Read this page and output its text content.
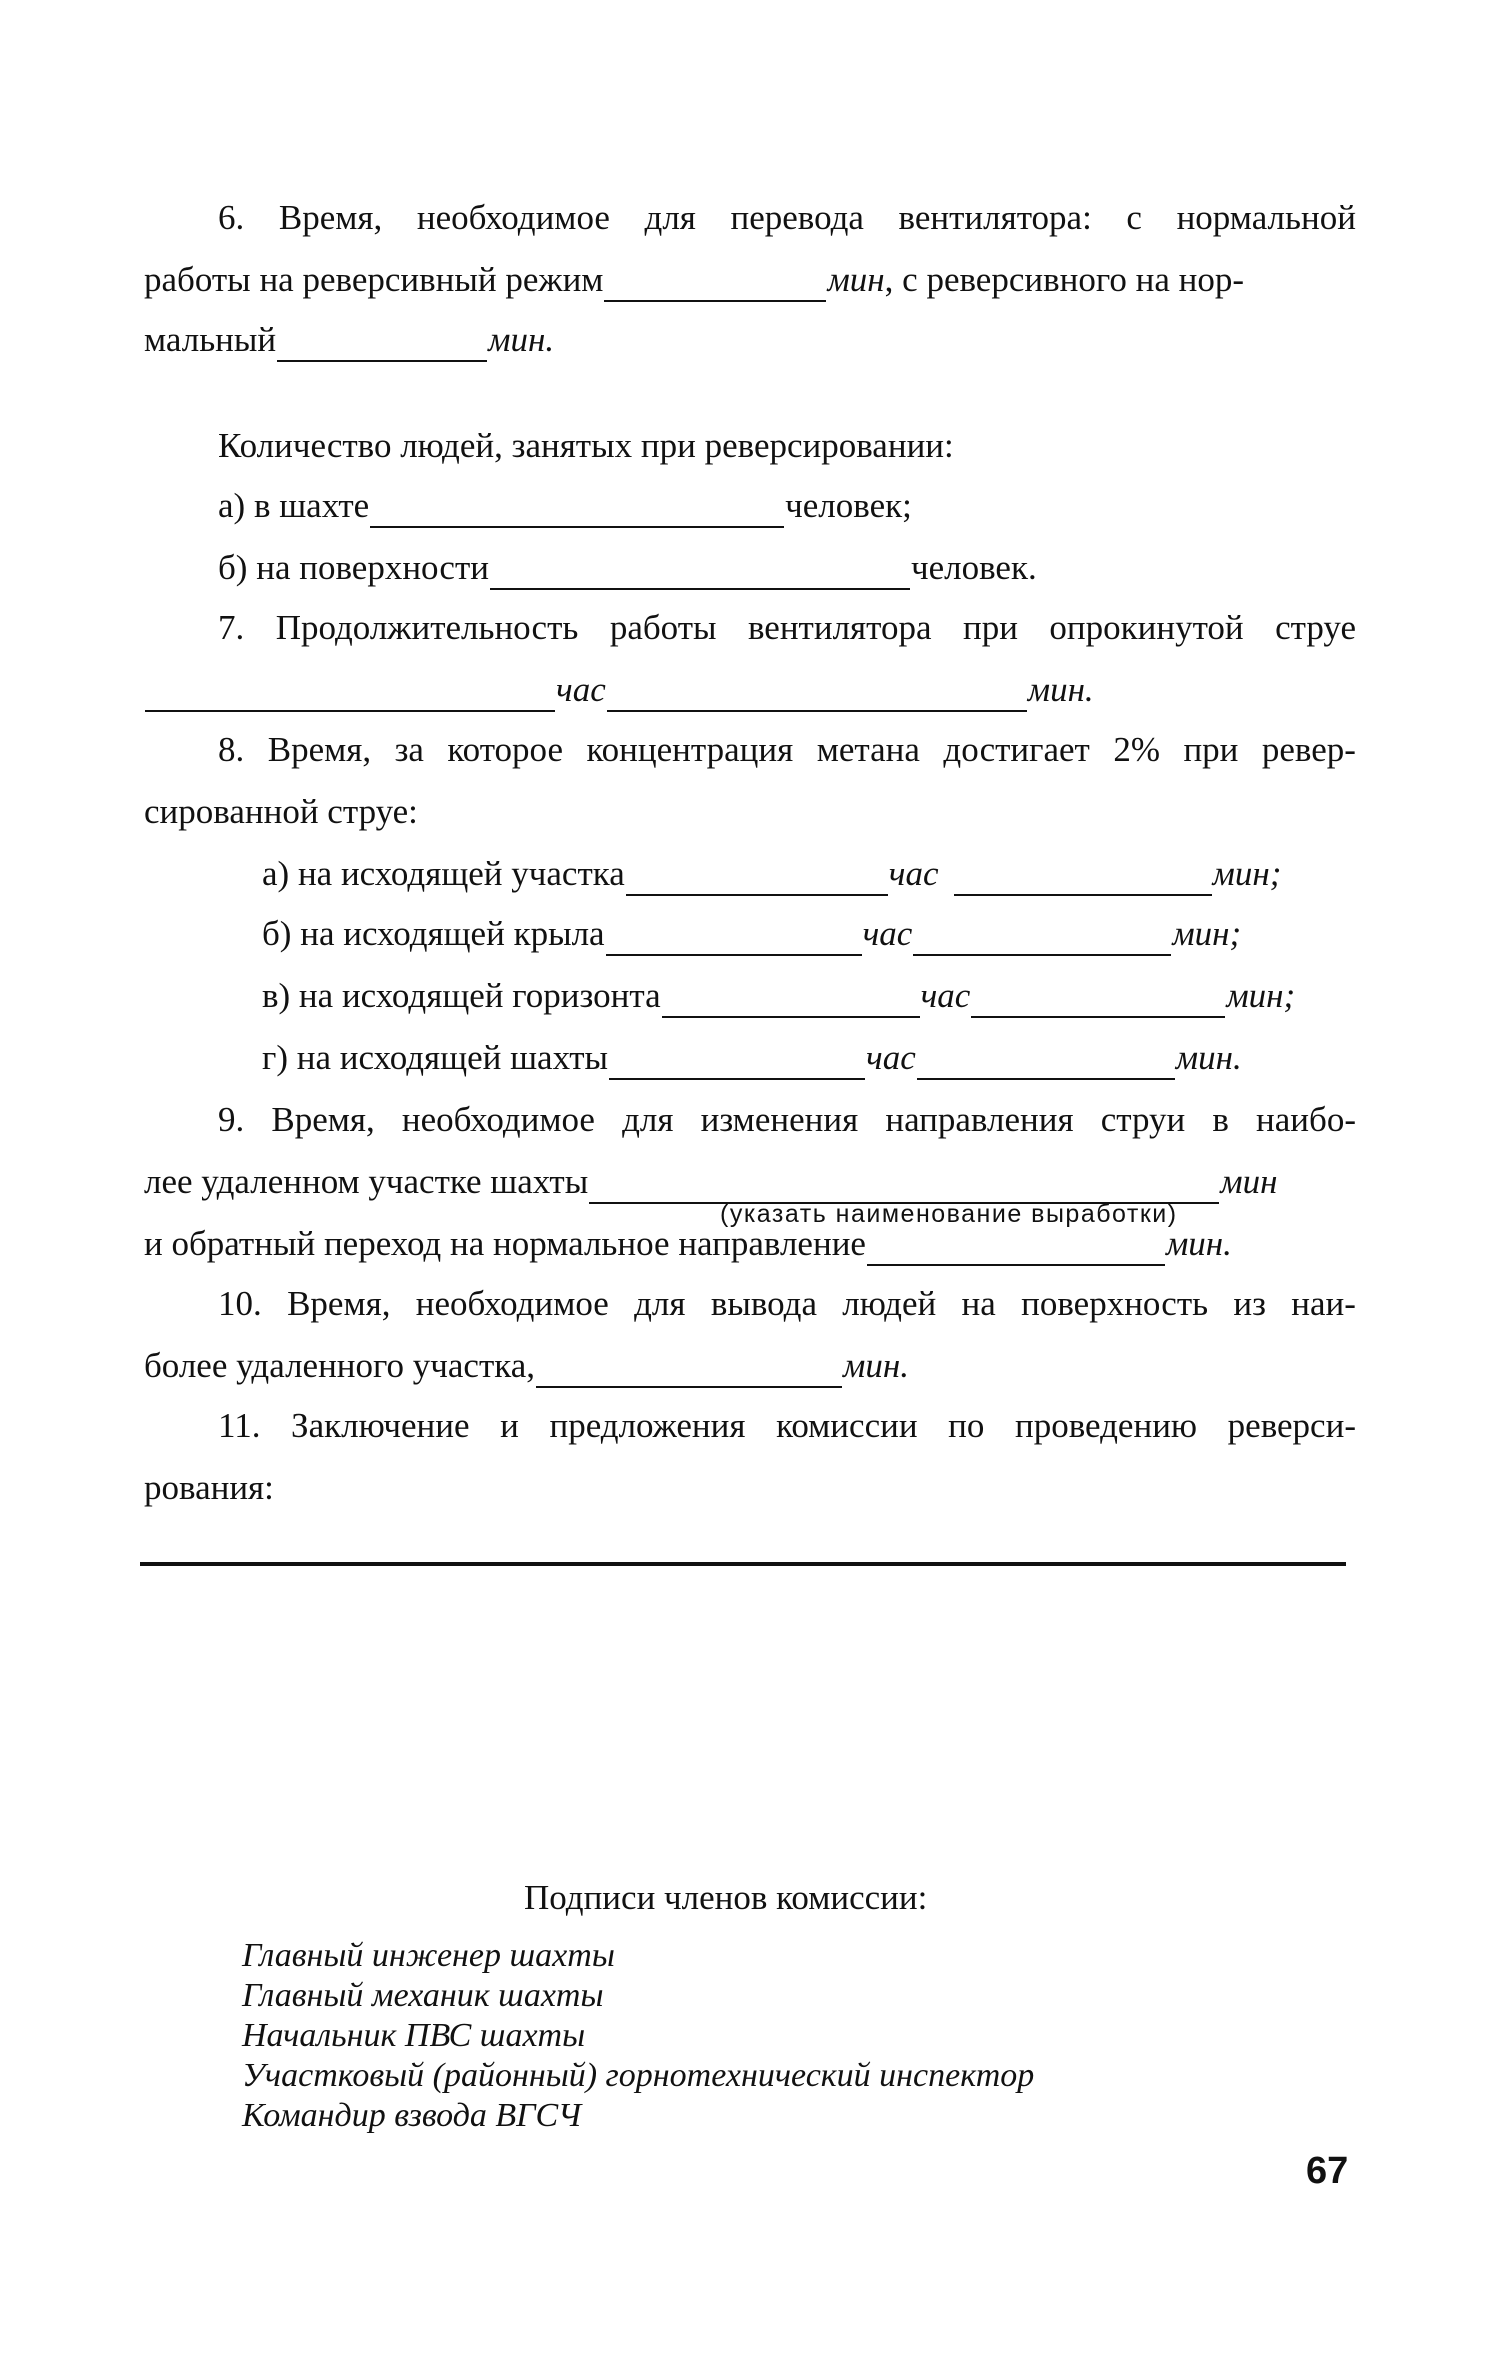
6. Время, необходимое для перевода вентилятора: с нормальной
работы на реверсивный режим	мин , с реверсивного на нор-
мальный	мин.
Количество людей, занятых при реверсировании:
а) в шахте	человек;
б) на поверхности	человек.
7. Продолжительность работы вентилятора при опрокинутой струе
час	мин.
8. Время, за которое концентрация метана достигает 2% при ревер-
сированной струе:
а) на исходящей участка	час	мин;
б) на исходящей крыла	час	мин;
в) на исходящей горизонта	час	мин;
г) на исходящей шахты	час	мин.
9. Время, необходимое для изменения направления струи в наибо-
лее удаленном участке шахты	мин
(указать наименование выработки)
и обратный переход на нормальное направление	мин.
10. Время, необходимое для вывода людей на поверхность из наи-
более удаленного участка,	мин.
11. Заключение и предложения комиссии по проведению реверси-
рования:
Подписи членов комиссии:
Главный инженер шахты
Главный механик шахты
Начальник ПВС шахты
Участковый (районный) горнотехнический инспектор
Командир взвода ВГСЧ
67
